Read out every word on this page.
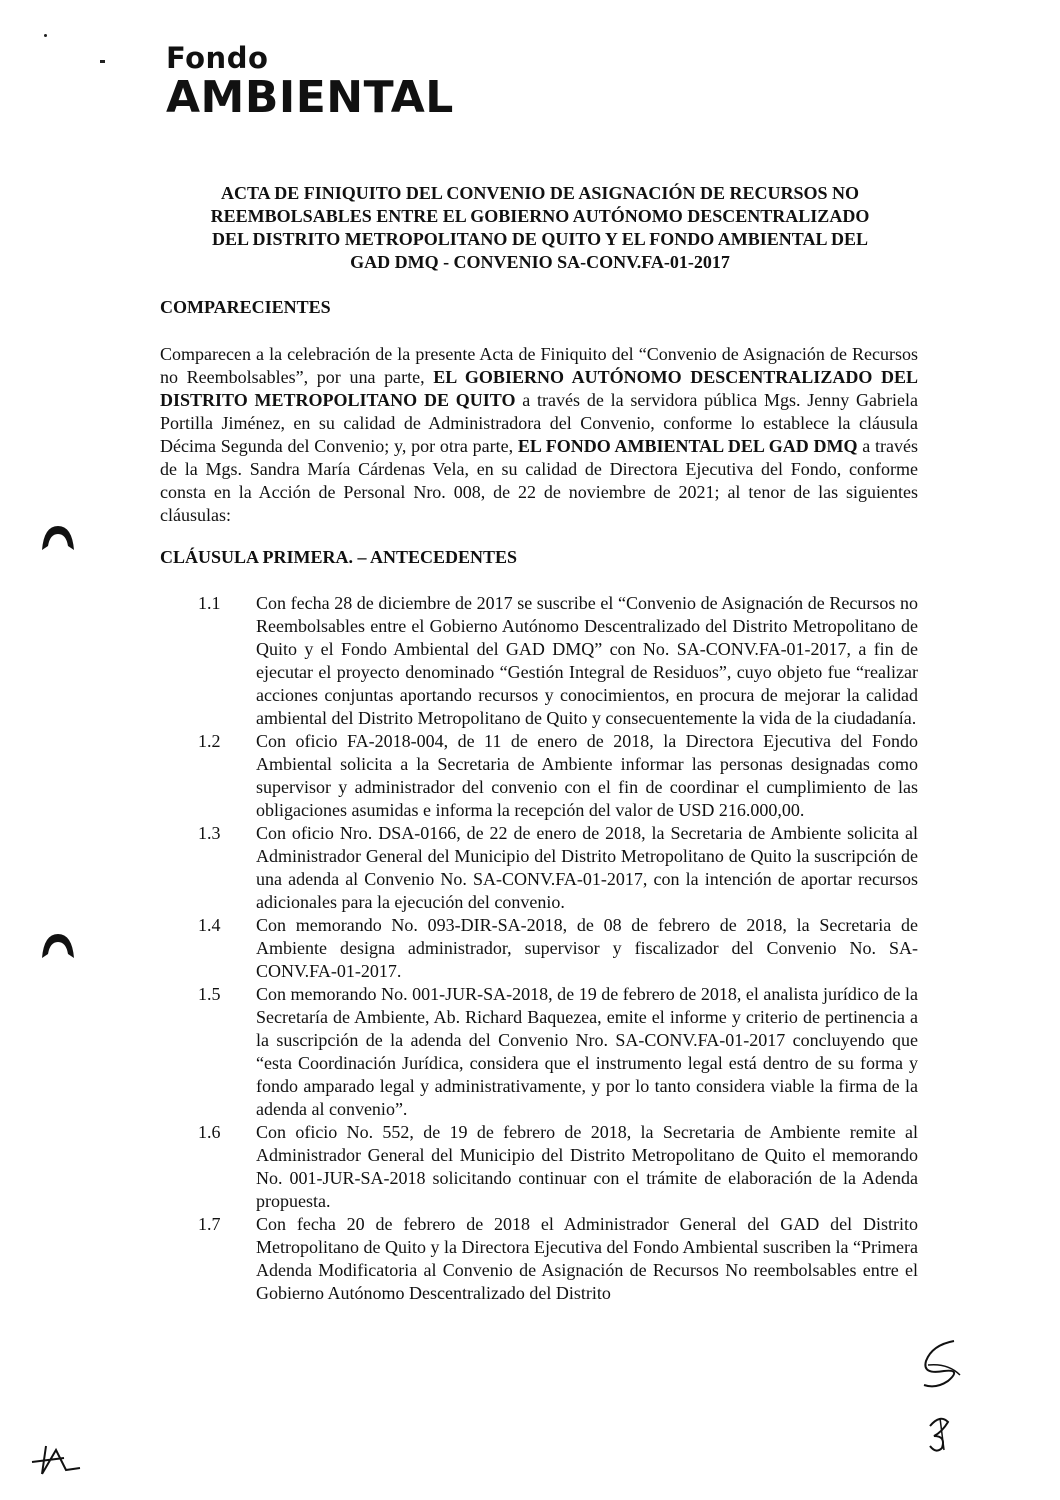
Fondo
AMBIENTAL
ACTA DE FINIQUITO DEL CONVENIO DE ASIGNACIÓN DE RECURSOS NO
REEMBOLSABLES ENTRE EL GOBIERNO AUTÓNOMO DESCENTRALIZADO
DEL DISTRITO METROPOLITANO DE QUITO Y EL FONDO AMBIENTAL DEL
GAD DMQ - CONVENIO SA-CONV.FA-01-2017
COMPARECIENTES
Comparecen a la celebración de la presente Acta de Finiquito del “Convenio de Asignación de Recursos no Reembolsables”, por una parte, EL GOBIERNO AUTÓNOMO DESCENTRALIZADO DEL DISTRITO METROPOLITANO DE QUITO a través de la servidora pública Mgs. Jenny Gabriela Portilla Jiménez, en su calidad de Administradora del Convenio, conforme lo establece la cláusula Décima Segunda del Convenio; y, por otra parte, EL FONDO AMBIENTAL DEL GAD DMQ a través de la Mgs. Sandra María Cárdenas Vela, en su calidad de Directora Ejecutiva del Fondo, conforme consta en la Acción de Personal Nro. 008, de 22 de noviembre de 2021; al tenor de las siguientes cláusulas:
CLÁUSULA PRIMERA. – ANTECEDENTES
1.1	Con fecha 28 de diciembre de 2017 se suscribe el “Convenio de Asignación de Recursos no Reembolsables entre el Gobierno Autónomo Descentralizado del Distrito Metropolitano de Quito y el Fondo Ambiental del GAD DMQ” con No. SA-CONV.FA-01-2017, a fin de ejecutar el proyecto denominado “Gestión Integral de Residuos”, cuyo objeto fue “realizar acciones conjuntas aportando recursos y conocimientos, en procura de mejorar la calidad ambiental del Distrito Metropolitano de Quito y consecuentemente la vida de la ciudadanía.
1.2	Con oficio FA-2018-004, de 11 de enero de 2018, la Directora Ejecutiva del Fondo Ambiental solicita a la Secretaria de Ambiente informar las personas designadas como supervisor y administrador del convenio con el fin de coordinar el cumplimiento de las obligaciones asumidas e informa la recepción del valor de USD 216.000,00.
1.3	Con oficio Nro. DSA-0166, de 22 de enero de 2018, la Secretaria de Ambiente solicita al Administrador General del Municipio del Distrito Metropolitano de Quito la suscripción de una adenda al Convenio No. SA-CONV.FA-01-2017, con la intención de aportar recursos adicionales para la ejecución del convenio.
1.4	Con memorando No. 093-DIR-SA-2018, de 08 de febrero de 2018, la Secretaria de Ambiente designa administrador, supervisor y fiscalizador del Convenio No. SA-CONV.FA-01-2017.
1.5	Con memorando No. 001-JUR-SA-2018, de 19 de febrero de 2018, el analista jurídico de la Secretaría de Ambiente, Ab. Richard Baquezea, emite el informe y criterio de pertinencia a la suscripción de la adenda del Convenio Nro. SA-CONV.FA-01-2017 concluyendo que “esta Coordinación Jurídica, considera que el instrumento legal está dentro de su forma y fondo amparado legal y administrativamente, y por lo tanto considera viable la firma de la adenda al convenio”.
1.6	Con oficio No. 552, de 19 de febrero de 2018, la Secretaria de Ambiente remite al Administrador General del Municipio del Distrito Metropolitano de Quito el memorando No. 001-JUR-SA-2018 solicitando continuar con el trámite de elaboración de la Adenda propuesta.
1.7	Con fecha 20 de febrero de 2018 el Administrador General del GAD del Distrito Metropolitano de Quito y la Directora Ejecutiva del Fondo Ambiental suscriben la “Primera Adenda Modificatoria al Convenio de Asignación de Recursos No reembolsables entre el Gobierno Autónomo Descentralizado del Distrito
